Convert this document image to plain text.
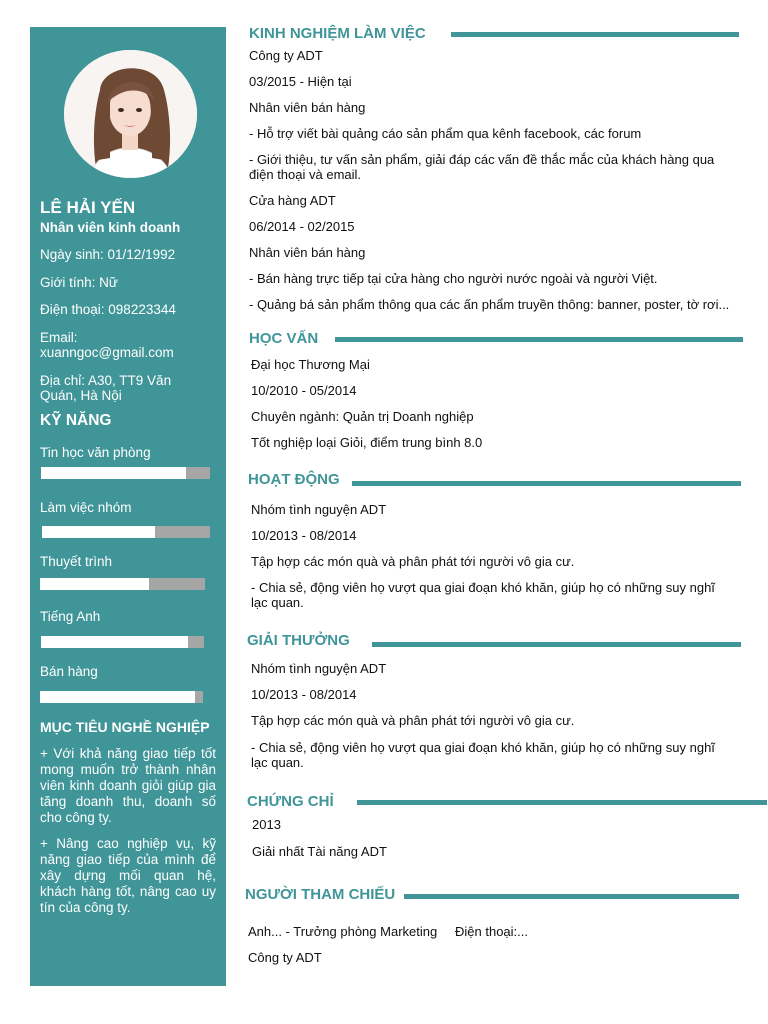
LÊ HẢI YẾN
Nhân viên kinh doanh
Ngày sinh: 01/12/1992
Giới tính: Nữ
Điện thoại: 098223344
Email:
xuanngoc@gmail.com
Địa chỉ: A30, TT9 Văn
Quán, Hà Nội
KỸ NĂNG
Tin học văn phòng
Làm việc nhóm
Thuyết trình
Tiếng Anh
Bán hàng
MỤC TIÊU NGHỀ NGHIỆP
+ Với khả năng giao tiếp tốt mong muốn trở thành nhân viên kinh doanh giỏi giúp gia tăng doanh thu, doanh số cho công ty.
+ Nâng cao nghiệp vụ, kỹ năng giao tiếp của mình để xây dựng mối quan hệ, khách hàng tốt, nâng cao uy tín của công ty.
KINH NGHIỆM LÀM VIỆC
Công ty ADT
03/2015 - Hiện tại
Nhân viên bán hàng
- Hỗ trợ viết bài quảng cáo sản phẩm qua kênh facebook, các forum
- Giới thiệu, tư vấn sản phẩm, giải đáp các vấn đề thắc mắc của khách hàng qua điện thoại và email.
Cửa hàng ADT
06/2014 - 02/2015
Nhân viên bán hàng
- Bán hàng trực tiếp tại cửa hàng cho người nước ngoài và người Việt.
- Quảng bá sản phẩm thông qua các ấn phẩm truyền thông: banner, poster, tờ rơi...
HỌC VẤN
Đại học Thương Mại
10/2010 - 05/2014
Chuyên ngành: Quản trị Doanh nghiệp
Tốt nghiệp loại Giỏi, điểm trung bình 8.0
HOẠT ĐỘNG
Nhóm tình nguyện ADT
10/2013 - 08/2014
Tập hợp các món quà và phân phát tới người vô gia cư.
- Chia sẻ, động viên họ vượt qua giai đoạn khó khăn, giúp họ có những suy nghĩ lạc quan.
GIẢI THƯỞNG
Nhóm tình nguyện ADT
10/2013 - 08/2014
Tập hợp các món quà và phân phát tới người vô gia cư.
- Chia sẻ, động viên họ vượt qua giai đoạn khó khăn, giúp họ có những suy nghĩ lạc quan.
CHỨNG CHỈ
2013
Giải nhất Tài năng ADT
NGƯỜI THAM CHIẾU
Anh... - Trưởng phòng Marketing Điện thoại:...
Công ty ADT
